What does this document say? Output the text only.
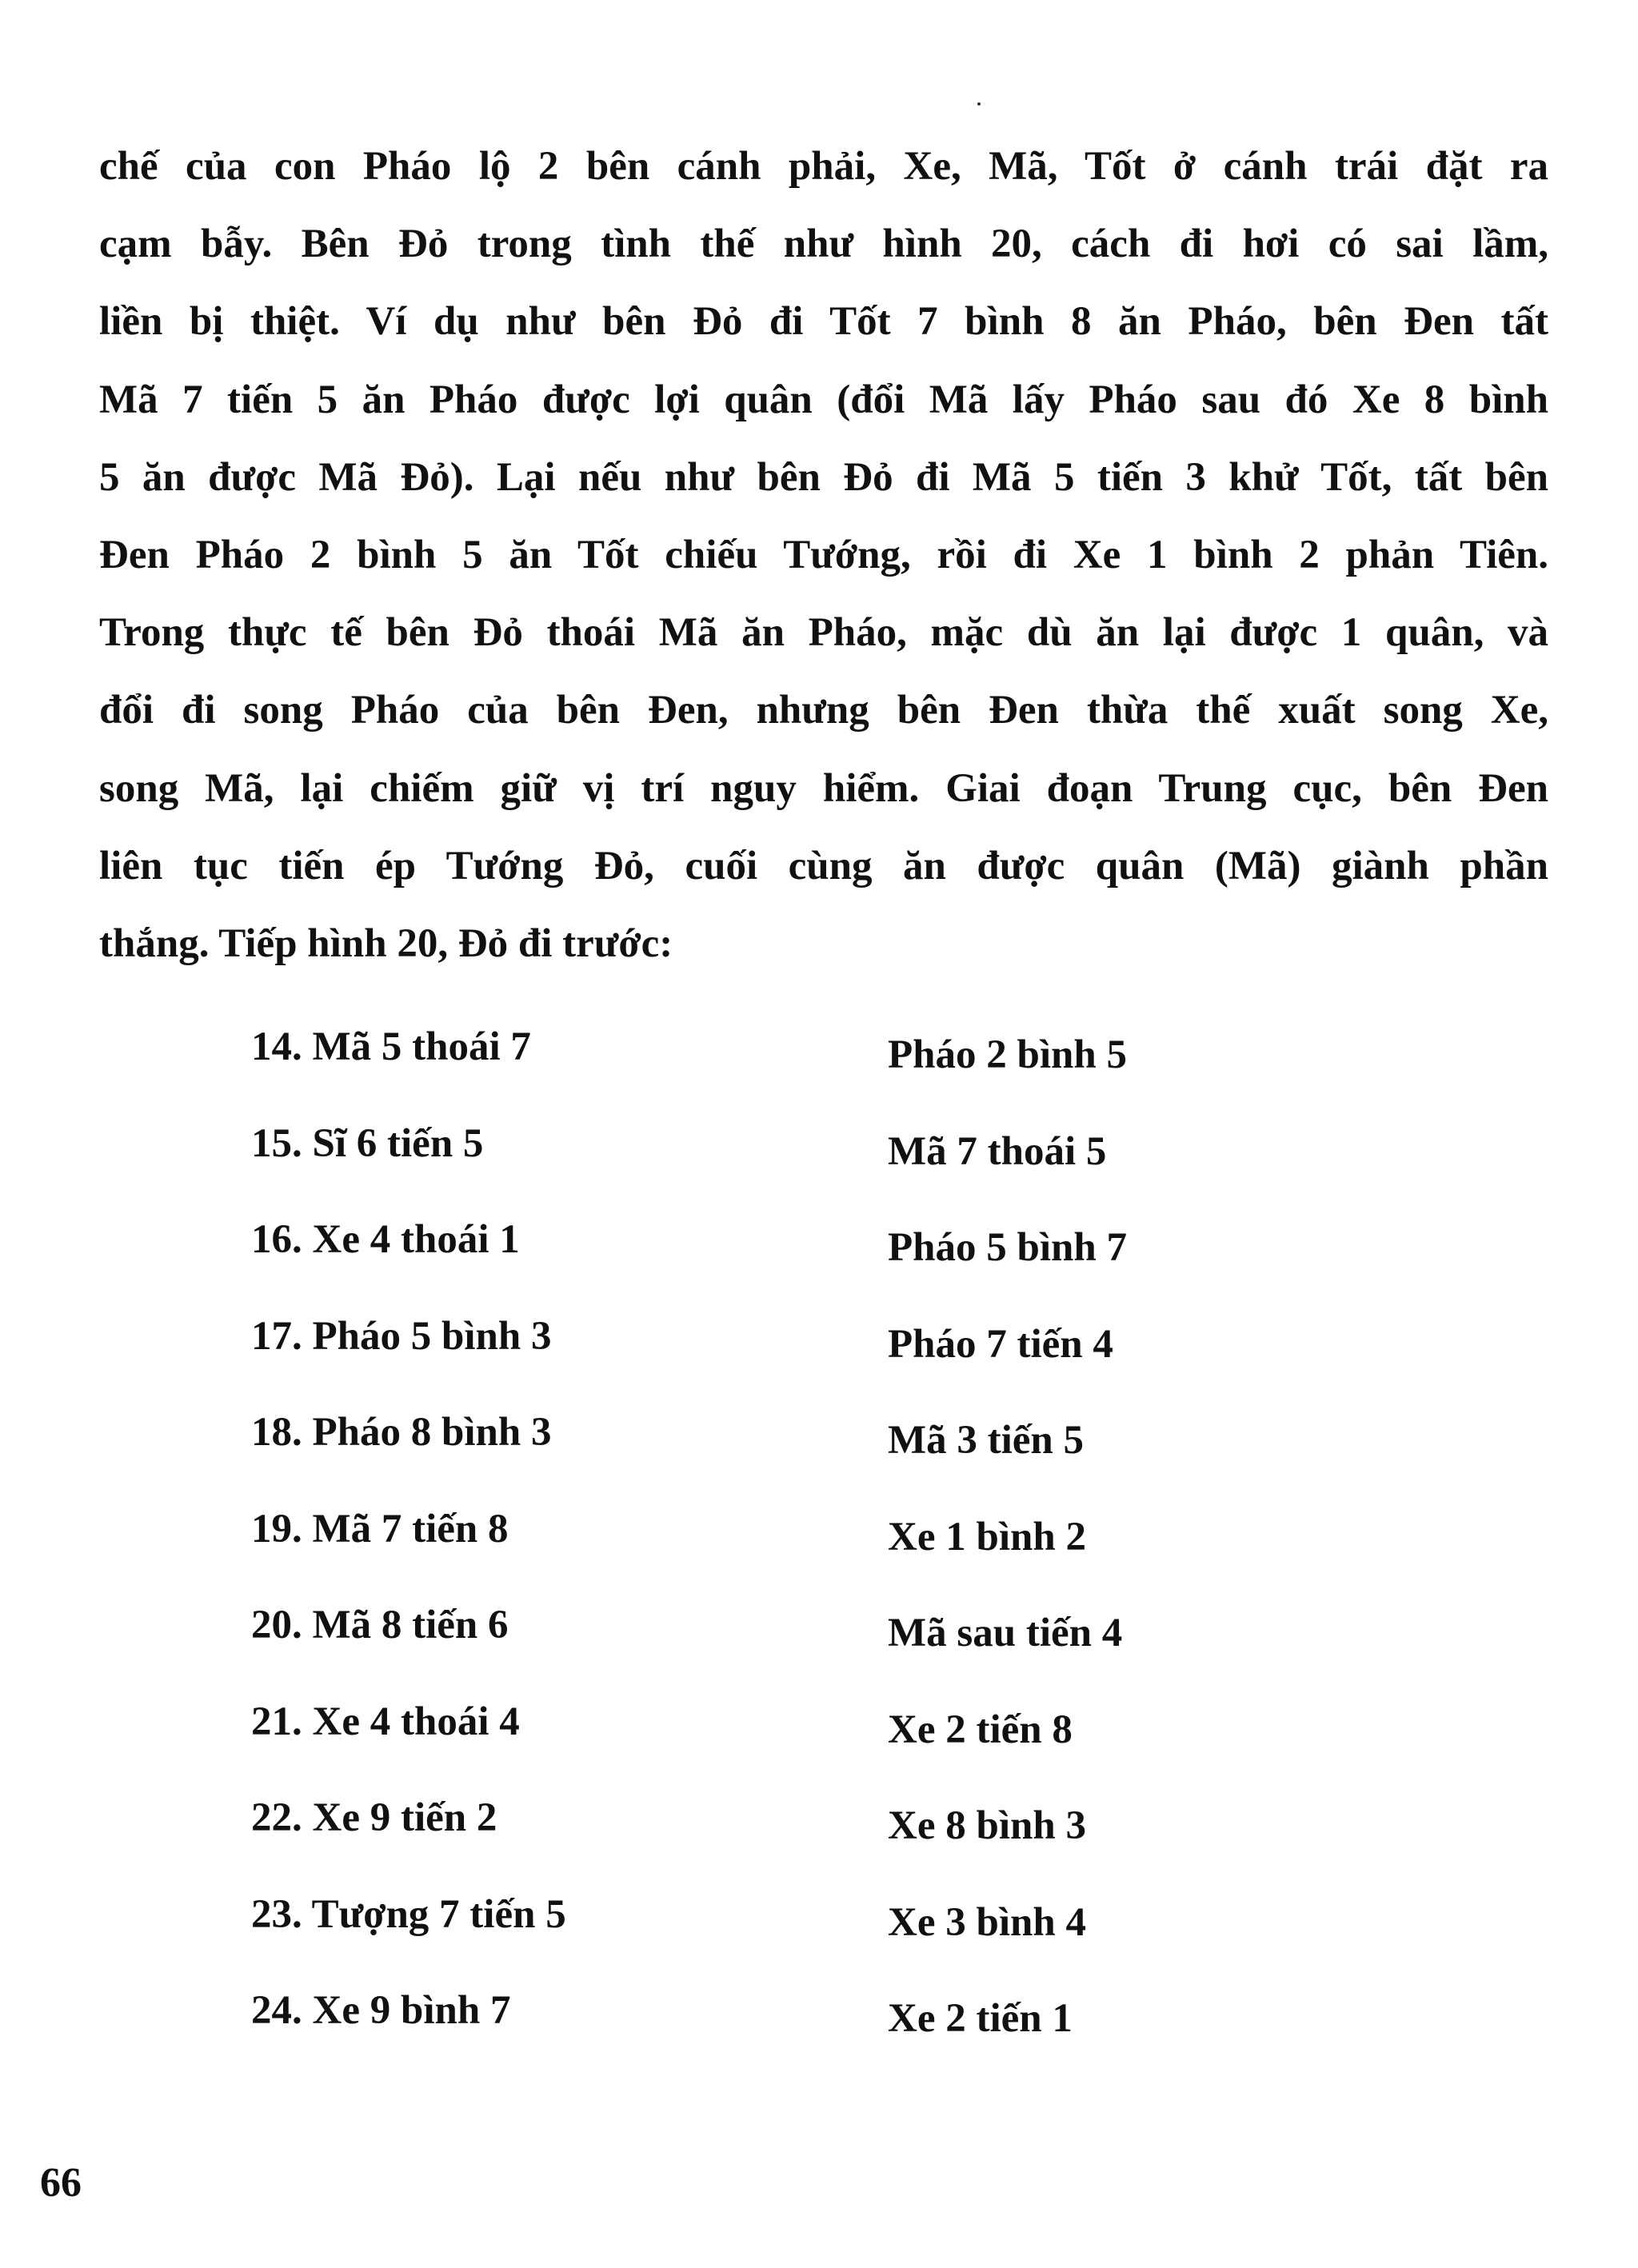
chế của con Pháo lộ 2 bên cánh phải, Xe, Mã, Tốt ở cánh trái đặt ra
cạm bẫy. Bên Đỏ trong tình thế như hình 20, cách đi hơi có sai lầm,
liền bị thiệt. Ví dụ như bên Đỏ đi Tốt 7 bình 8 ăn Pháo, bên Đen tất
Mã 7 tiến 5 ăn Pháo được lợi quân (đổi Mã lấy Pháo sau đó Xe 8 bình
5 ăn được Mã Đỏ). Lại nếu như bên Đỏ đi Mã 5 tiến 3 khử Tốt, tất bên
Đen Pháo 2 bình 5 ăn Tốt chiếu Tướng, rồi đi Xe 1 bình 2 phản Tiên.
Trong thực tế bên Đỏ thoái Mã ăn Pháo, mặc dù ăn lại được 1 quân, và
đổi đi song Pháo của bên Đen, nhưng bên Đen thừa thế xuất song Xe,
song Mã, lại chiếm giữ vị trí nguy hiểm. Giai đoạn Trung cục, bên Đen
liên tục tiến ép Tướng Đỏ, cuối cùng ăn được quân (Mã) giành phần
thắng. Tiếp hình 20, Đỏ đi trước:
14. Mã 5 thoái 7	Pháo 2 bình 5
15. Sĩ 6 tiến 5	Mã 7 thoái 5
16. Xe 4 thoái 1	Pháo 5 bình 7
17. Pháo 5 bình 3	Pháo 7 tiến 4
18. Pháo 8 bình 3	Mã 3 tiến 5
19. Mã 7 tiến 8	Xe 1 bình 2
20. Mã 8 tiến 6	Mã sau tiến 4
21. Xe 4 thoái 4	Xe 2 tiến 8
22. Xe 9 tiến 2	Xe 8 bình 3
23. Tượng 7 tiến 5	Xe 3 bình 4
24. Xe 9 bình 7	Xe 2 tiến 1
66
